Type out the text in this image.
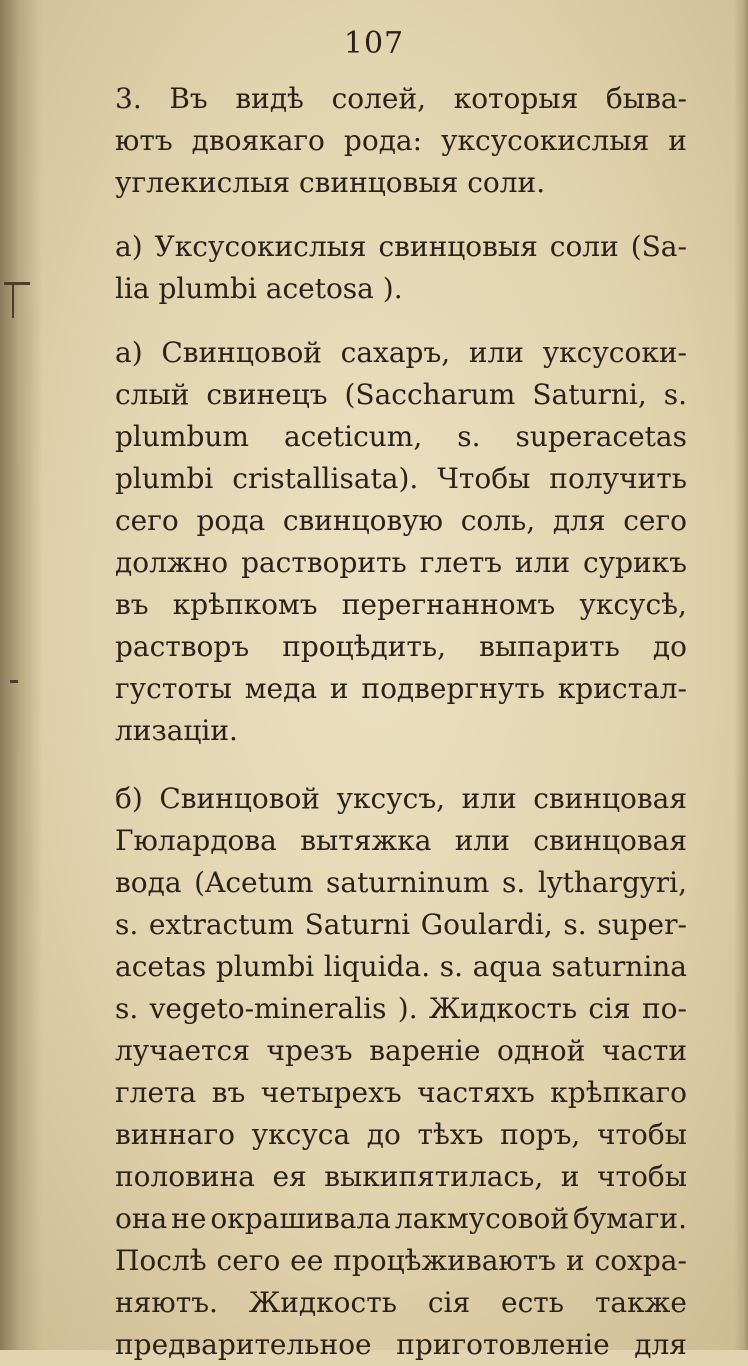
107
3. Въ видѣ солей, которыя быва-
ютъ двоякаго рода: уксусокислыя и
углекислыя свинцовыя соли.
а) Уксусокислыя свинцовыя соли (Sa-
lia plumbi acetosa ).
а) Свинцовой сахаръ, или уксусоки-
слый свинецъ (Saccharum Saturni, s.
plumbum aceticum, s. superacetas
plumbi cristallisata). Чтобы получить
сего рода свинцовую соль, для сего
должно растворить глетъ или сурикъ
въ крѣпкомъ перегнанномъ уксусѣ,
растворъ процѣдить, выпарить до
густоты меда и подвергнуть кристал-
лизаціи.
б) Свинцовой уксусъ, или свинцовая
Гюлардова вытяжка или свинцовая
вода (Acetum saturninum s. lythargyri,
s. extractum Saturni Goulardi, s. super-
acetas plumbi liquida. s. aqua saturnina
s. vegeto-mineralis ). Жидкость сія по-
лучается чрезъ вареніе одной части
глета въ четырехъ частяхъ крѣпкаго
виннаго уксуса до тѣхъ поръ, чтобы
половина ея выкипятилась, и чтобы
она не окрашивала лакмусовой бумаги.
Послѣ сего ее процѣживаютъ и сохра-
няютъ. Жидкость сія есть также
предварительное приготовленіе для
